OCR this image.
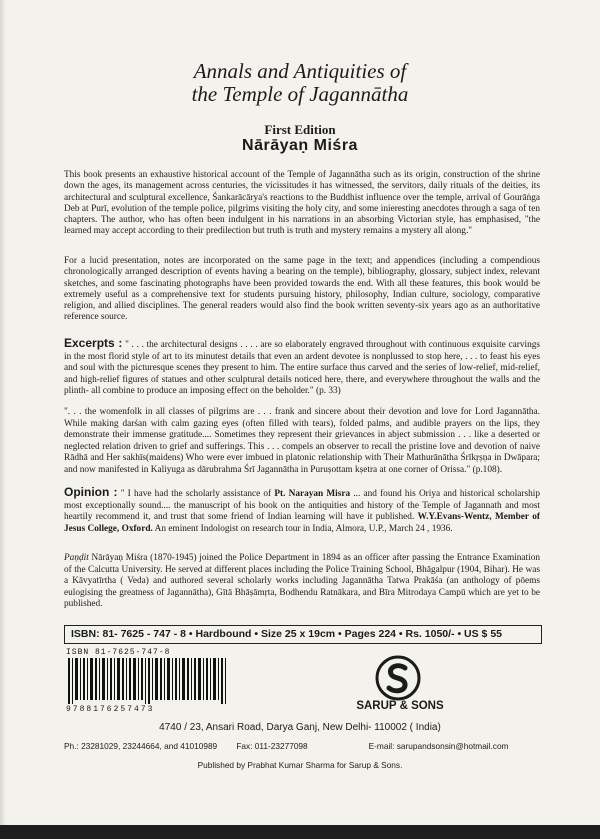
Annals and Antiquities of
the Temple of Jagannātha
First Edition
Nārāyaṇ Miśra
This book presents an exhaustive historical account of the Temple of Jagannātha such as its origin, construction of the shrine down the ages, its management across centuries, the vicissitudes it has witnessed, the servitors, daily rituals of the deities, its architectural and sculptural excellence, Śankarācārya's reactions to the Buddhist influence over the temple, arrival of Gourāṅga Deb at Purī, evolution of the temple police, pilgrims visiting the holy city, and some inieresting anecdotes through a saga of ten chapters. The author, who has often been indulgent in his narrations in an absorbing Victorian style, has emphasised, "the learned may accept according to their predilection but truth is truth and mystery remains a mystery all along."
For a lucid presentation, notes are incorporated on the same page in the text; and appendices (including a compendious chronologically arranged description of events having a bearing on the temple), bibliography, glossary, subject index, relevant sketches, and some fascinating photographs have been provided towards the end. With all these features, this book would be extremely useful as a comprehensive text for students pursuing history, philosophy, Indian culture, sociology, comparative religion, and allied disciplines. The general readers would also find the book written seventy-six years ago as an authoritative reference source.
Excerpts : " . . . the architectural designs . . . . are so elaborately engraved throughout with continuous exquisite carvings in the most florid style of art to its minutest details that even an ardent devotee is nonplussed to stop here, . . . to feast his eyes and soul with the picturesque scenes they present to him. The entire surface thus carved and the series of low-relief, mid-relief, and high-relief figures of statues and other sculptural details noticed here, there, and everywhere throughout the walls and the plinth- all combine to produce an imposing effect on the beholder." (p. 33)
". . . the womenfolk in all classes of pilgrims are . . . frank and sincere about their devotion and love for Lord Jagannātha. While making darśan with calm gazing eyes (often filled with tears), folded palms, and audible prayers on the lips, they demonstrate their immense gratitude.... Sometimes they represent their grievances in abject submission . . . like a deserted or neglected relation driven to grief and sufferings. This . . . compels an observer to recall the pristine love and devotion of naive Rādhā and Her sakhīs(maidens) Who were ever imbued in platonic relationship with Their Mathurānātha Śrīkṛṣṇa in Dwāpara; and now manifested in Kaliyuga as dārubrahma Śrī Jagannātha in Puruṣottam kṣetra at one corner of Orissa." (p.108).
Opinion : " I have had the scholarly assistance of Pt. Narayan Misra ... and found his Oriya and historical scholarship most exceptionally sound.... the manuscript of his book on the antiquities and history of the Temple of Jagannath and most heartily recommend it, and trust that some friend of Indian learning will have it published. W.Y.Evans-Wentz, Member of Jesus College, Oxford. An eminent Indologist on research tour in India, Almora, U.P., March 24 , 1936.
Paṇḍit Nārāyaṇ Miśra (1870-1945) joined the Police Department in 1894 as an officer after passing the Entrance Examination of the Calcutta University. He served at different places including the Police Training School, Bhāgalpur (1904, Bihar). He was a Kāvyatīrtha ( Veda) and authored several scholarly works including Jagannātha Tatwa Prakāśa (an anthology of pōems eulogising the greatness of Jagannātha), Gītā Bhāṣāmṛta, Bodhendu Ratnākara, and Bīra Mitrodaya Campū which are yet to be published.
ISBN: 81- 7625 - 747 - 8 • Hardbound • Size 25 x 19cm • Pages 224 • Rs. 1050/- • US $ 55
ISBN 81-7625-747-8
9788176257473	SARUP & SONS
4740 / 23, Ansari Road, Darya Ganj, New Delhi- 110002 ( India)
Ph.: 23281029, 23244664, and 41010989 Fax: 011-23277098	E-mail: sarupandsonsin@hotmail.com
Published by Prabhat Kumar Sharma for Sarup & Sons.
